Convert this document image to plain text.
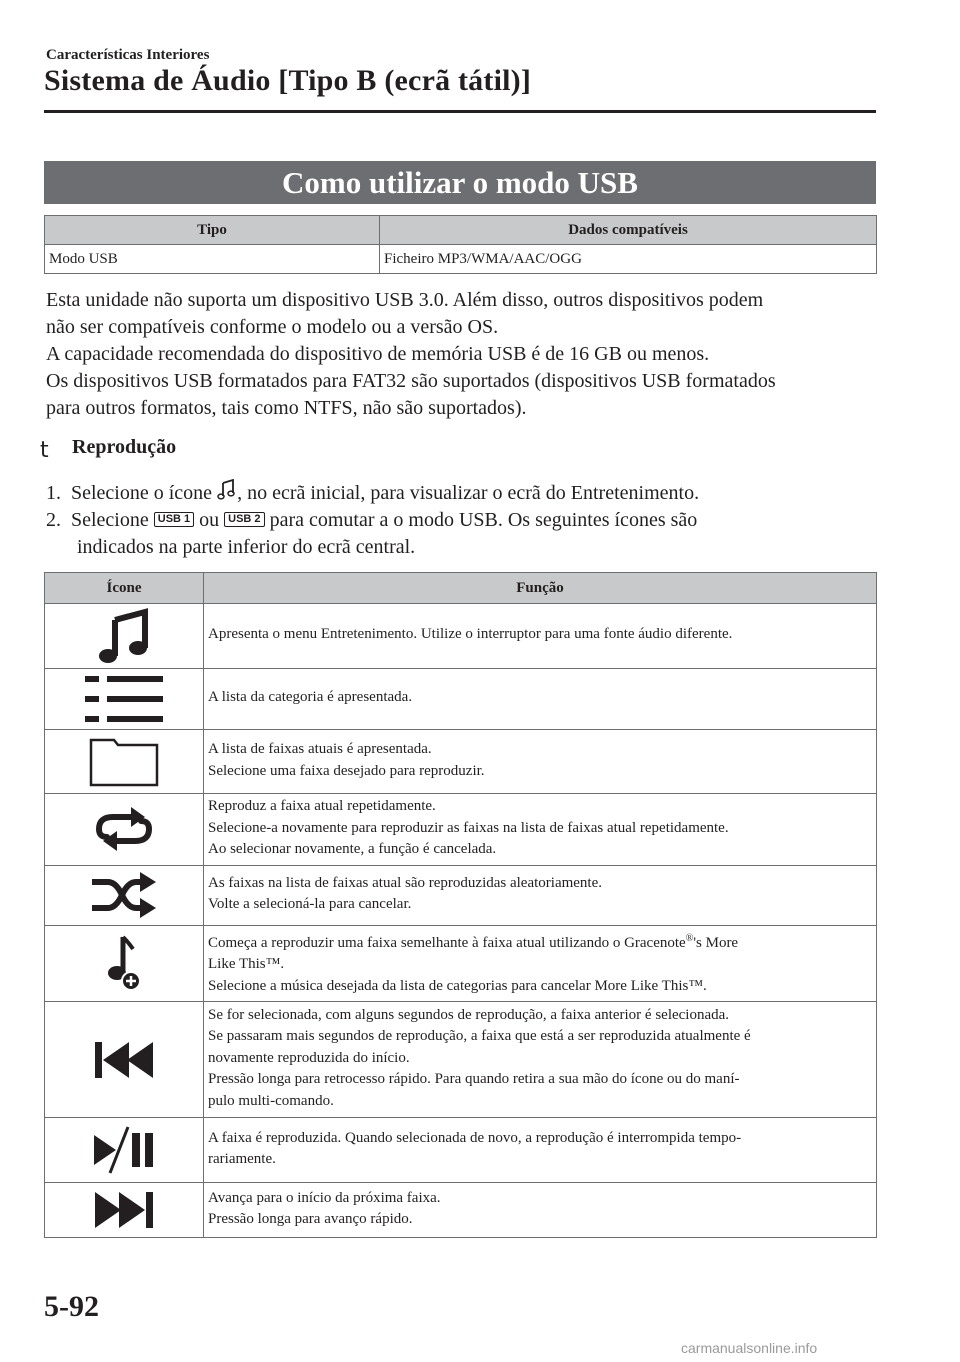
Características Interiores
Sistema de Áudio [Tipo B (ecrã tátil)]
Como utilizar o modo USB
Tipo	Dados compatíveis
Modo USB	Ficheiro MP3/WMA/AAC/OGG
Esta unidade não suporta um dispositivo USB 3.0. Além disso, outros dispositivos podem
não ser compatíveis conforme o modelo ou a versão OS.
A capacidade recomendada do dispositivo de memória USB é de 16 GB ou menos.
Os dispositivos USB formatados para FAT32 são suportados (dispositivos USB formatados
para outros formatos, tais como NTFS, não são suportados).
t Reprodução
1.  Selecione o ícone , no ecrã inicial, para visualizar o ecrã do Entretenimento.
2.  Selecione USB 1 ou USB 2 para comutar a o modo USB. Os seguintes ícones são
indicados na parte inferior do ecrã central.
Ícone	Função

Apresenta o menu Entretenimento. Utilize o interruptor para uma fonte áudio diferente.

A lista da categoria é apresentada.

A lista de faixas atuais é apresentada.
Selecione uma faixa desejado para reproduzir.

Reproduz a faixa atual repetidamente.
Selecione-a novamente para reproduzir as faixas na lista de faixas atual repetidamente.
Ao selecionar novamente, a função é cancelada.

As faixas na lista de faixas atual são reproduzidas aleatoriamente.
Volte a selecioná-la para cancelar.

Começa a reproduzir uma faixa semelhante à faixa atual utilizando o Gracenote®'s More
Like This™.
Selecione a música desejada da lista de categorias para cancelar More Like This™.

Se for selecionada, com alguns segundos de reprodução, a faixa anterior é selecionada.
Se passaram mais segundos de reprodução, a faixa que está a ser reproduzida atualmente é
novamente reproduzida do início.
Pressão longa para retrocesso rápido. Para quando retira a sua mão do ícone ou do maní-
pulo multi-comando.

A faixa é reproduzida. Quando selecionada de novo, a reprodução é interrompida tempo-
rariamente.

Avança para o início da próxima faixa.
Pressão longa para avanço rápido.
5-92
carmanualsonline.info
